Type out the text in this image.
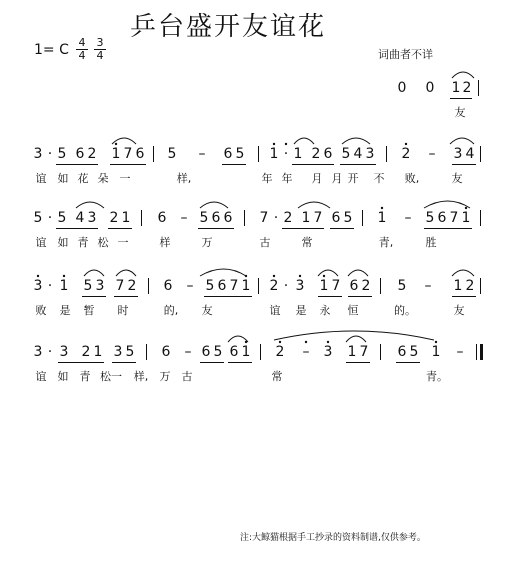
乒台盛开友谊花
1= C 4
4
3
4	词曲者不详
0 0 1 2
友
3 · 5 6 2 1 7 6 5 – 6 5 1 · 1 2 6 5 4 3 2 – 3 4
谊 如 花 朵 一	样,	年 年 月 月 开 不	败,	友
5 · 5 4 3 2 1 6 – 5 6 6 7 · 2 1 7 6 5 1 – 5 6 7 1
谊 如 青 松 一	样	万	古	常	青,	胜
3 · 1 5 3 7 2 6 – 5 6 7 1 2 · 3 1 7 6 2 5 – 1 2
败 是 暂 时	的,	友	谊 是 永 恒	的。	友
3 · 3 2 1 3 5 6 – 6 5 6 1 2 – 3 1 7 6 5 1 –
谊 如 青 松一	样,	万 古	常	青。
注:大鲸猫根据手工抄录的资料制谱,仅供参考。
